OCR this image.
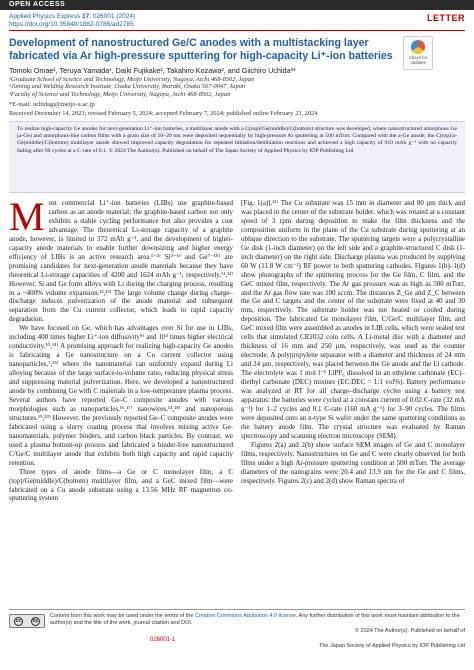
OPEN ACCESS
Applied Physics Express 17, 026001 (2024)
https://doi.org/10.35848/1882-0786/ad2785
LETTER
Check for updates
Development of nanostructured Ge/C anodes with a multistacking layer fabricated via Ar high-pressure sputtering for high-capacity Li⁺-ion batteries
Tomoki Omae¹, Teruya Yamada¹, Daiki Fujikake¹, Takahiro Kozawa², and Giichiro Uchida³*
¹Graduate School of Science and Technology, Meijo University, Nagoya, Aichi 468-8502, Japan
²Joining and Welding Research Institute, Osaka University, Ibaraki, Osaka 567-0047, Japan
³Faculty of Science and Technology, Meijo University, Nagoya, Aichi 468-8502, Japan
*E-mail: uchidagi@meijo-u.ac.jp
Received December 14, 2023; revised February 5, 2024; accepted February 7, 2024; published online February 23, 2024

To realize high-capacity Ge anodes for next-generation Li⁺-ion batteries, a multilayer anode with a C(top)/Ge(middle)/C(bottom) structure was developed, where nanostructured amorphous Ge (a-Ge) and amorphous-like carbon films with a grain size of 10–20 nm were deposited sequentially by high-pressure Ar sputtering at 500 mTorr. Compared with the a-Ge anode, the C(top)/a-Ge(middle)/C(bottom) multilayer anode showed improved capacity degradation for repeated lithiation/delithiation reactions and achieved a high capacity of 910 mAh g⁻¹ with no capacity fading after 90 cycles at a C-rate of 0.1. © 2024 The Author(s). Published on behalf of The Japan Society of Applied Physics by IOP Publishing Ltd

Most commercial Li⁺-ion batteries (LIBs) use graphite-based carbon as an anode material; the graphite-based carbon not only exhibits a stable cycling performance but also provides a cost advantage. The theoretical Li-storage capacity of a graphite anode, however, is limited to 372 mAh g⁻¹, and the development of higher-capacity anode materials to enable further downsizing and higher energy efficiency of LIBs is an active research area.¹⁻²⁾ Si³⁻⁶⁾ and Ge⁷⁻¹⁰⁾ are promising candidates for next-generation anode materials because they have theoretical Li-storage capacities of 4200 and 1624 mAh g⁻¹, respectively.¹¹,¹²⁾ However, Si and Ge form alloys with Li during the charging process, resulting in a ~400% volume expansion.¹²,¹³⁾ The large volume change during charge–discharge induces pulverization of the anode material and subsequent separation from the Cu current collector, which leads to rapid capacity degradation.

We have focused on Ge, which has advantages over Si for use in LIBs, including 400 times higher Li⁺-ion diffusivity⁹⁾ and 10⁴ times higher electrical conductivity.¹⁰,¹⁴⁾ A promising approach for realizing high-capacity Ge anodes is fabricating a Ge nanostructure on a Cu current collector using nanoparticles,⁷,¹⁵⁾ where the nanomaterial can uniformly expand during Li alloying because of the large surface-to-volume ratio, reducing physical stress and suppressing material pulverization. Here, we developed a nanostructured anode by combining Ge with C materials in a low-temperature plasma process. Several authors have reported Ge–C composite anodes with various morphologies such as nanoparticles,¹⁶,¹⁷⁾ nanowires,¹⁴,¹⁸⁾ and nanoporous structures.¹⁹,²⁰⁾ However, the previously reported Ge–C composite anodes were fabricated using a slurry coating process that involves mixing active Ge-nanomaterials, polymer binders, and carbon black particles. By contrast, we used a plasma bottom-up process and fabricated a binder-free nanostructured C/Ge/C multilayer anode that exhibits both high capacity and rapid capacity retention.

Three types of anode films—a Ge or C monolayer film, a C (top)/Ge(middle)/C(bottom) multilayer film, and a GeC mixed film—were fabricated on a Cu anode substrate using a 13.56 MHz RF magnetron co-sputtering system

[Fig. 1(a)].²¹⁾ The Cu substrate was 15 mm in diameter and 80 μm thick and was placed in the center of the substrate holder, which was rotated at a constant speed of 3 rpm during deposition to make the film thickness and the composition uniform in the plane of the Cu substrate during sputtering at an oblique direction to the substrate. The sputtering targets were a polycrystalline Ge disk (1-inch diameter) on the left side and a graphite-structured C disk (1-inch diameter) on the right side. Discharge plasma was produced by supplying 60 W (11.8 W cm⁻²) RF power to both sputtering cathodes. Figures 1(b)–1(d) show photographs of the sputtering process for the Ge film, C film, and the GeC mixed film, respectively. The Ar gas pressure was as high as 500 mTorr, and the Ar gas flow rate was 100 sccm. The distances Z_Ge and Z_C between the Ge and C targets and the center of the substrate were fixed at 40 and 30 mm, respectively. The substrate holder was not heated or cooled during deposition. The fabricated Ge monolayer film, C/Ge/C multilayer film, and GeC mixed film were assembled as anodes in LIB cells, which were sealed test cells that simulated CR2032 coin cells. A Li-metal disc with a diameter and thickness of 16 mm and 250 μm, respectively, was used as the counter electrode. A polypropylene separator with a diameter and thickness of 24 mm and 24 μm, respectively, was placed between the Ge anode and the Li cathode. The electrolyte was 1 mol l⁻¹ LiPF₆ dissolved in an ethylene carbonate (EC)–diethyl carbonate (DEC) mixture (EC:DEC = 1:1 vol%). Battery performance was analyzed at RT for all charge–discharge cycles using a battery test apparatus; the batteries were cycled at a constant current of 0.02 C-rate (32 mA g⁻¹) for 1–2 cycles and 0.1 C-rate (160 mA g⁻¹) for 3–90 cycles. The films were deposited onto an n-type Si wafer under the same sputtering conditions as the battery anode film. The crystal structure was evaluated by Raman spectroscopy and scanning electron microscopy (SEM).

Figures 2(a) and 2(b) show surface SEM images of Ge and C monolayer films, respectively. Nanostructures on Ge and C were clearly observed for both films under a high Ar-pressure sputtering condition at 500 mTorr. The average diameters of the nanograins were 20.4 and 13.9 nm for the Ge and C films, respectively. Figures 2(c) and 2(d) show Raman spectra of

cc	by
Content from this work may be used under the terms of the Creative Commons Attribution 4.0 license. Any further distribution of this work must maintain attribution to the author(s) and the title of the work, journal citation and DOI.
© 2024 The Author(s). Published on behalf of
026001-1
The Japan Society of Applied Physics by IOP Publishing Ltd
